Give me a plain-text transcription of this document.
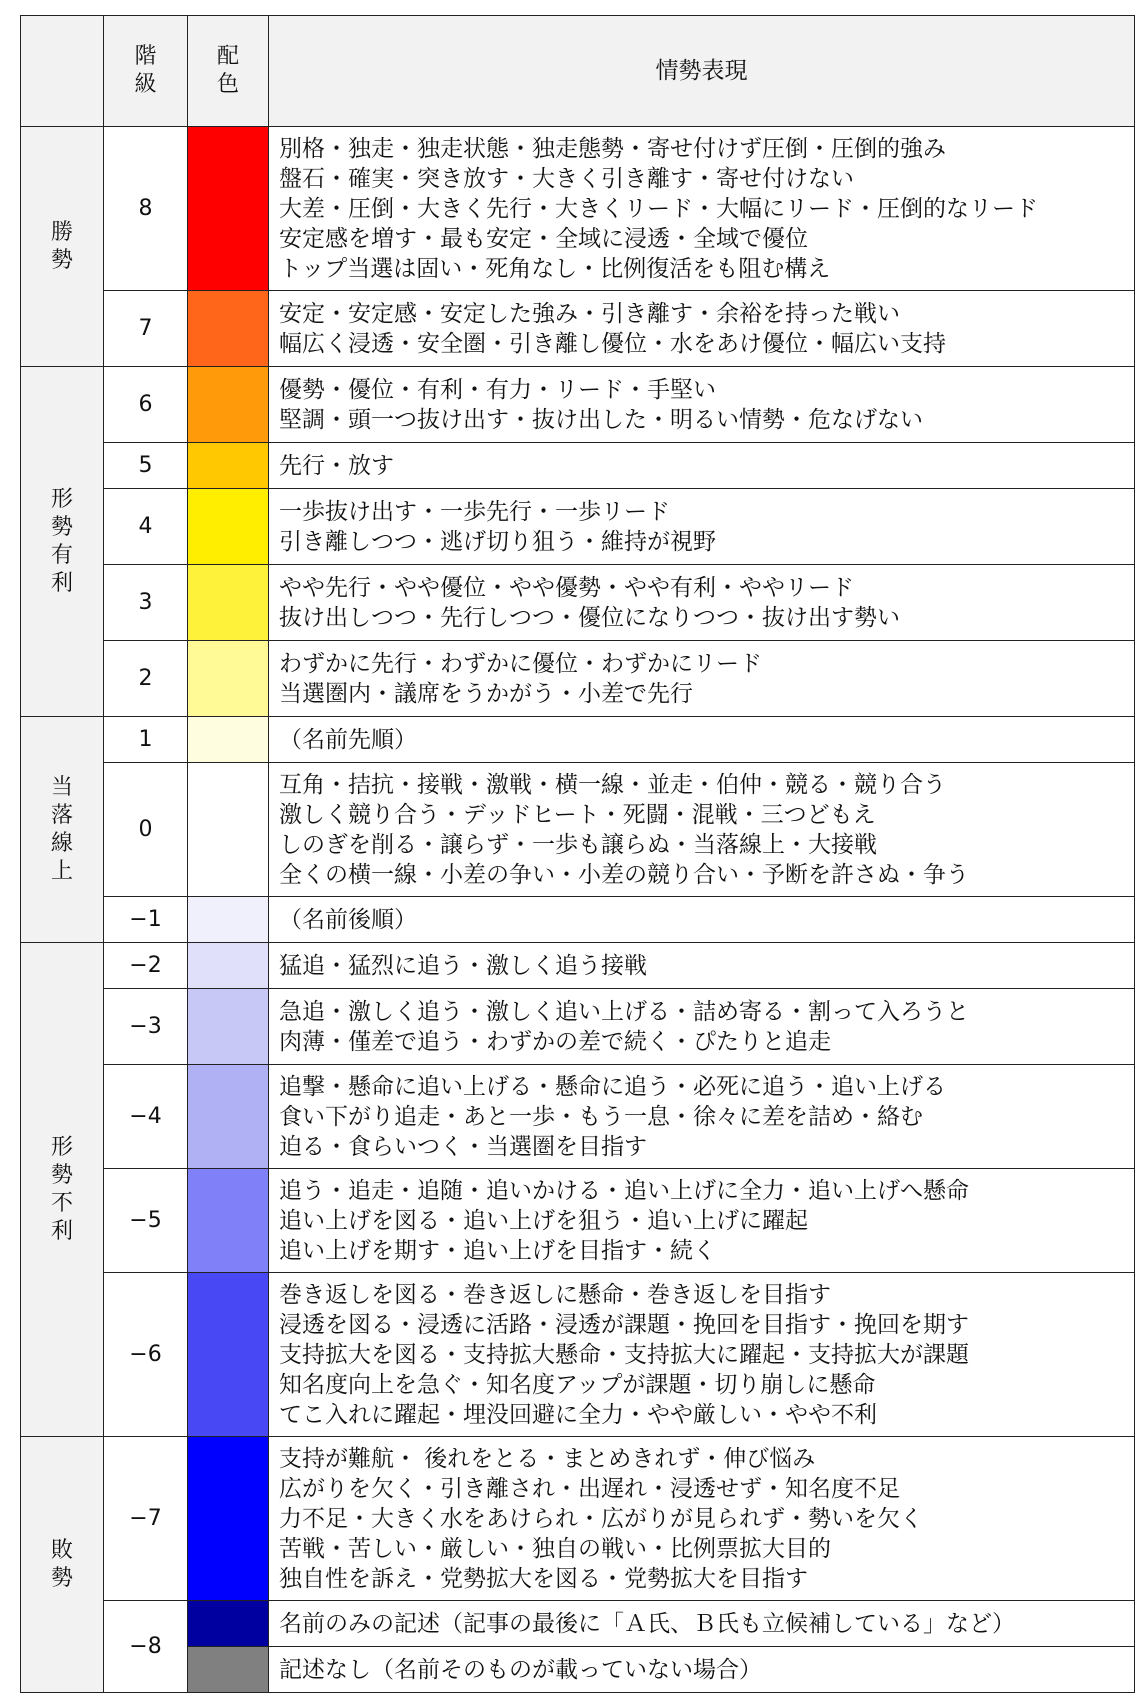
	階級	配色	情勢表現
勝勢	8		別格・独走・独走状態・独走態勢・寄せ付けず圧倒・圧倒的強み
盤石・確実・突き放す・大きく引き離す・寄せ付けない
大差・圧倒・大きく先行・大きくリード・大幅にリード・圧倒的なリード
安定感を増す・最も安定・全域に浸透・全域で優位
トップ当選は固い・死角なし・比例復活をも阻む構え

	7		安定・安定感・安定した強み・引き離す・余裕を持った戦い
幅広く浸透・安全圏・引き離し優位・水をあけ優位・幅広い支持

形勢有利	6		優勢・優位・有利・有力・リード・手堅い
堅調・頭一つ抜け出す・抜け出した・明るい情勢・危なげない

	5		先行・放す

	4		一歩抜け出す・一歩先行・一歩リード
引き離しつつ・逃げ切り狙う・維持が視野

	3		やや先行・やや優位・やや優勢・やや有利・ややリード
抜け出しつつ・先行しつつ・優位になりつつ・抜け出す勢い

	2		わずかに先行・わずかに優位・わずかにリード
当選圏内・議席をうかがう・小差で先行

当落線上	1		（名前先順）

	0		互角・拮抗・接戦・激戦・横一線・並走・伯仲・競る・競り合う
激しく競り合う・デッドヒート・死闘・混戦・三つどもえ
しのぎを削る・譲らず・一歩も譲らぬ・当落線上・大接戦
全くの横一線・小差の争い・小差の競り合い・予断を許さぬ・争う

	−1		（名前後順）

形勢不利	−2		猛追・猛烈に追う・激しく追う接戦

	−3		急追・激しく追う・激しく追い上げる・詰め寄る・割って入ろうと
肉薄・僅差で追う・わずかの差で続く・ぴたりと追走

	−4		追撃・懸命に追い上げる・懸命に追う・必死に追う・追い上げる
食い下がり追走・あと一歩・もう一息・徐々に差を詰め・絡む
迫る・食らいつく・当選圏を目指す

	−5		追う・追走・追随・追いかける・追い上げに全力・追い上げへ懸命
追い上げを図る・追い上げを狙う・追い上げに躍起
追い上げを期す・追い上げを目指す・続く

	−6		巻き返しを図る・巻き返しに懸命・巻き返しを目指す
浸透を図る・浸透に活路・浸透が課題・挽回を目指す・挽回を期す
支持拡大を図る・支持拡大懸命・支持拡大に躍起・支持拡大が課題
知名度向上を急ぐ・知名度アップが課題・切り崩しに懸命
てこ入れに躍起・埋没回避に全力・やや厳しい・やや不利

敗勢	−7		支持が難航・ 後れをとる・まとめきれず・伸び悩み
広がりを欠く・引き離され・出遅れ・浸透せず・知名度不足
力不足・大きく水をあけられ・広がりが見られず・勢いを欠く
苦戦・苦しい・厳しい・独自の戦い・比例票拡大目的
独自性を訴え・党勢拡大を図る・党勢拡大を目指す

	−8		名前のみの記述（記事の最後に「Ａ氏、Ｂ氏も立候補している」など）

			記述なし（名前そのものが載っていない場合）
